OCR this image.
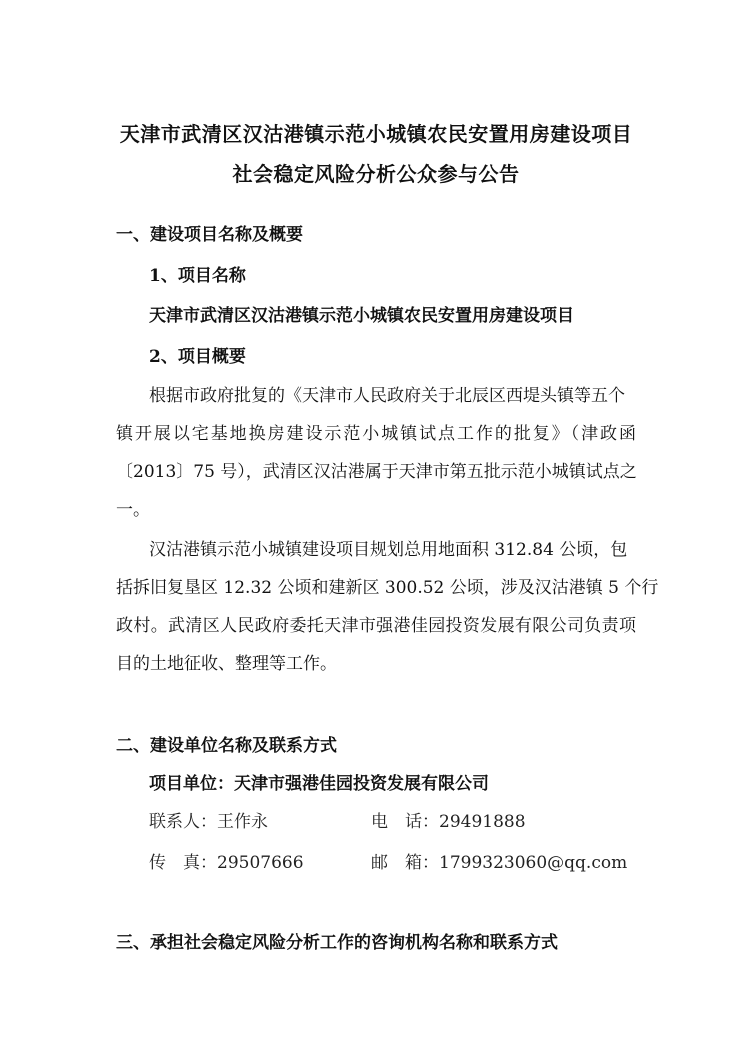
天津市武清区汉沽港镇示范小城镇农民安置用房建设项目
社会稳定风险分析公众参与公告
一、建设项目名称及概要
1、项目名称
天津市武清区汉沽港镇示范小城镇农民安置用房建设项目
2、项目概要
根据市政府批复的《天津市人民政府关于北辰区西堤头镇等五个
镇开展以宅基地换房建设示范小城镇试点工作的批复》（津政函
〔2013〕75 号），武清区汉沽港属于天津市第五批示范小城镇试点之
一。
汉沽港镇示范小城镇建设项目规划总用地面积 312.84 公顷，包
括拆旧复垦区 12.32 公顷和建新区 300.52 公顷，涉及汉沽港镇 5 个行
政村。武清区人民政府委托天津市强港佳园投资发展有限公司负责项
目的土地征收、整理等工作。
二、建设单位名称及联系方式
项目单位：天津市强港佳园投资发展有限公司
联系人：王作永	电　话：29491888
传　真：29507666	邮　箱：1799323060@qq.com
三、承担社会稳定风险分析工作的咨询机构名称和联系方式
